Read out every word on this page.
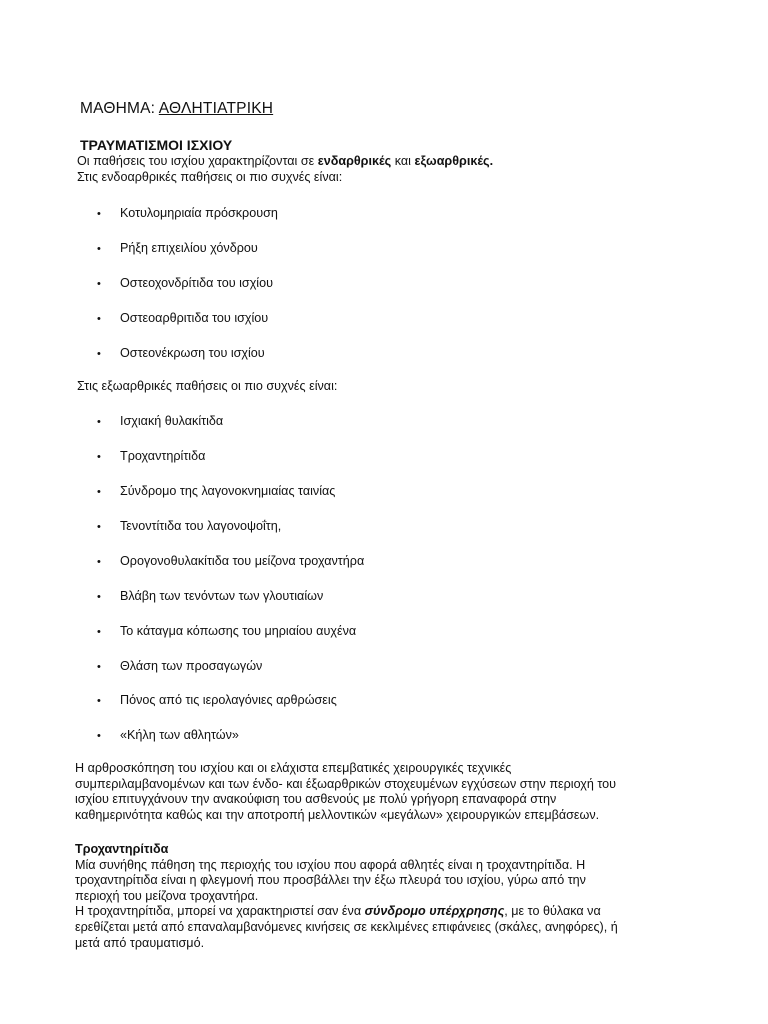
ΜΑΘΗΜΑ: ΑΘΛΗΤΙΑΤΡΙΚΗ
ΤΡΑΥΜΑΤΙΣΜΟΙ ΙΣΧΙΟΥ
Οι παθήσεις του ισχίου χαρακτηρίζονται σε ενδαρθρικές και εξωαρθρικές.
Στις ενδοαρθρικές παθήσεις οι πιο συχνές είναι:
• Κοτυλομηριαία πρόσκρουση
• Ρήξη επιχειλίου χόνδρου
• Οστεοχονδρίτιδα του ισχίου
• Οστεοαρθριτιδα του ισχίου
• Οστεονέκρωση του ισχίου
Στις εξωαρθρικές παθήσεις οι πιο συχνές είναι:
• Ισχιακή θυλακίτιδα
• Τροχαντηρίτιδα
• Σύνδρομο της λαγονοκνημιαίας ταινίας
• Τενοντίτιδα του λαγονοψοΐτη,
• Ορογονοθυλακίτιδα του μείζονα τροχαντήρα
• Βλάβη των τενόντων των γλουτιαίων
• Το κάταγμα κόπωσης του μηριαίου αυχένα
• Θλάση των προσαγωγών
• Πόνος από τις ιερολαγόνιες αρθρώσεις
• «Κήλη των αθλητών»
Η αρθροσκόπηση του ισχίου και οι ελάχιστα επεμβατικές χειρουργικές τεχνικές
συμπεριλαμβανομένων και των ένδο- και έξωαρθρικών στοχευμένων εγχύσεων στην περιοχή του
ισχίου επιτυγχάνουν την ανακούφιση του ασθενούς με πολύ γρήγορη επαναφορά στην
καθημερινότητα καθώς και την αποτροπή μελλοντικών «μεγάλων» χειρουργικών επεμβάσεων.
Τροχαντηρίτιδα
Μία συνήθης πάθηση της περιοχής του ισχίου που αφορά αθλητές είναι η τροχαντηρίτιδα. Η
τροχαντηρίτιδα είναι η φλεγμονή που προσβάλλει την έξω πλευρά του ισχίου, γύρω από την
περιοχή του μείζονα τροχαντήρα.
Η τροχαντηρίτιδα, μπορεί να χαρακτηριστεί σαν ένα σύνδρομο υπέρχρησης, με το θύλακα να
ερεθίζεται μετά από επαναλαμβανόμενες κινήσεις σε κεκλιμένες επιφάνειες (σκάλες, ανηφόρες), ή
μετά από τραυματισμό.
